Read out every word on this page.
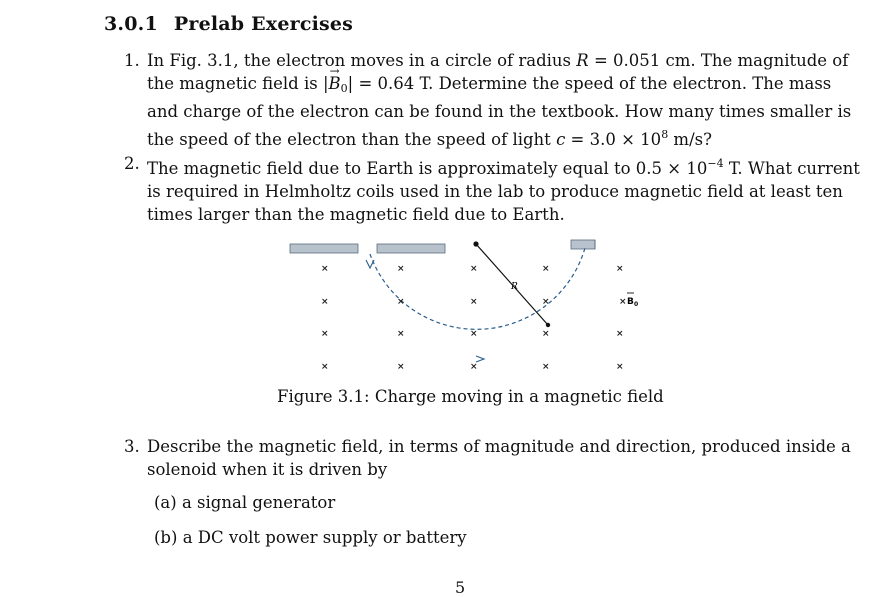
3.0.1 Prelab Exercises
1. In Fig. 3.1, the electron moves in a circle of radius R = 0.051 cm. The magnitude of
the magnetic field is |→ B0| = 0.64 T. Determine the speed of the electron. The mass
and charge of the electron can be found in the textbook. How many times smaller is
the speed of the electron than the speed of light $c = 3.0 \times 10^8$ m/s?
2. The magnetic field due to Earth is approximately equal to $0.5 \times 10^{-4}$ T. What current
is required in Helmholtz coils used in the lab to produce magnetic field at least ten
times larger than the magnetic field due to Earth.
R
×	×	×	×	×
×	×	×	×	×
×	×	×	×	×
×	×	×	×	×
B 0
Figure 3.1: Charge moving in a magnetic field
3. Describe the magnetic field, in terms of magnitude and direction, produced inside a
solenoid when it is driven by
(a) a signal generator
(b) a DC volt power supply or battery
5
